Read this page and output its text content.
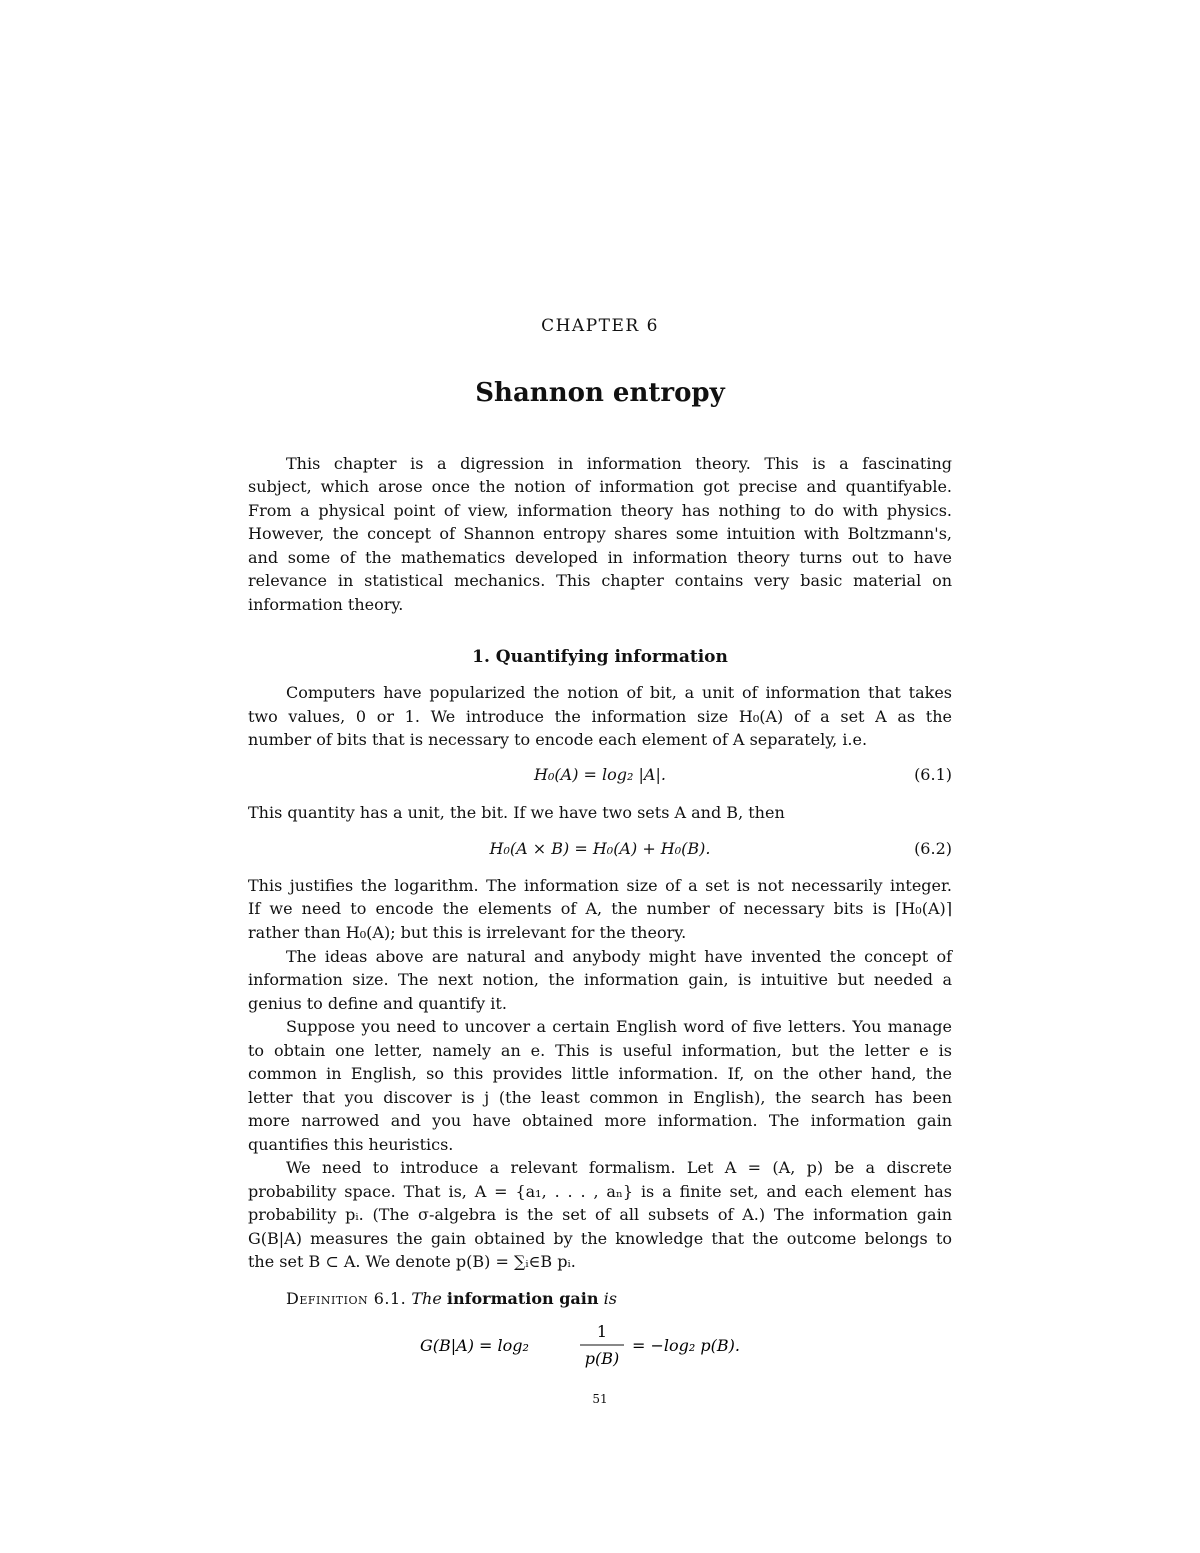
CHAPTER 6
Shannon entropy
This chapter is a digression in information theory. This is a fascinating
subject, which arose once the notion of information got precise and quantifyable.
From a physical point of view, information theory has nothing to do with physics.
However, the concept of Shannon entropy shares some intuition with Boltzmann's,
and some of the mathematics developed in information theory turns out to have
relevance in statistical mechanics. This chapter contains very basic material on
information theory.
1. Quantifying information
Computers have popularized the notion of bit, a unit of information that takes
two values, 0 or 1. We introduce the information size H₀(A) of a set A as the
number of bits that is necessary to encode each element of A separately, i.e.
H₀(A) = log₂ |A|.	(6.1)
This quantity has a unit, the bit. If we have two sets A and B, then
H₀(A × B) = H₀(A) + H₀(B).	(6.2)
This justifies the logarithm. The information size of a set is not necessarily integer.
If we need to encode the elements of A, the number of necessary bits is ⌈H₀(A)⌉
rather than H₀(A); but this is irrelevant for the theory.
The ideas above are natural and anybody might have invented the concept of
information size. The next notion, the information gain, is intuitive but needed a
genius to define and quantify it.
Suppose you need to uncover a certain English word of five letters. You manage
to obtain one letter, namely an e. This is useful information, but the letter e is
common in English, so this provides little information. If, on the other hand, the
letter that you discover is j (the least common in English), the search has been
more narrowed and you have obtained more information. The information gain
quantifies this heuristics.
We need to introduce a relevant formalism. Let A = (A, p) be a discrete
probability space. That is, A = {a₁, . . . , aₙ} is a finite set, and each element has
probability pᵢ. (The σ-algebra is the set of all subsets of A.) The information gain
G(B|A) measures the gain obtained by the knowledge that the outcome belongs to
the set B ⊂ A. We denote p(B) = ∑ᵢ∈B pᵢ.
Definition 6.1. The information gain is
G(B|A) = log₂
1
p(B)
= −log₂ p(B).
51
